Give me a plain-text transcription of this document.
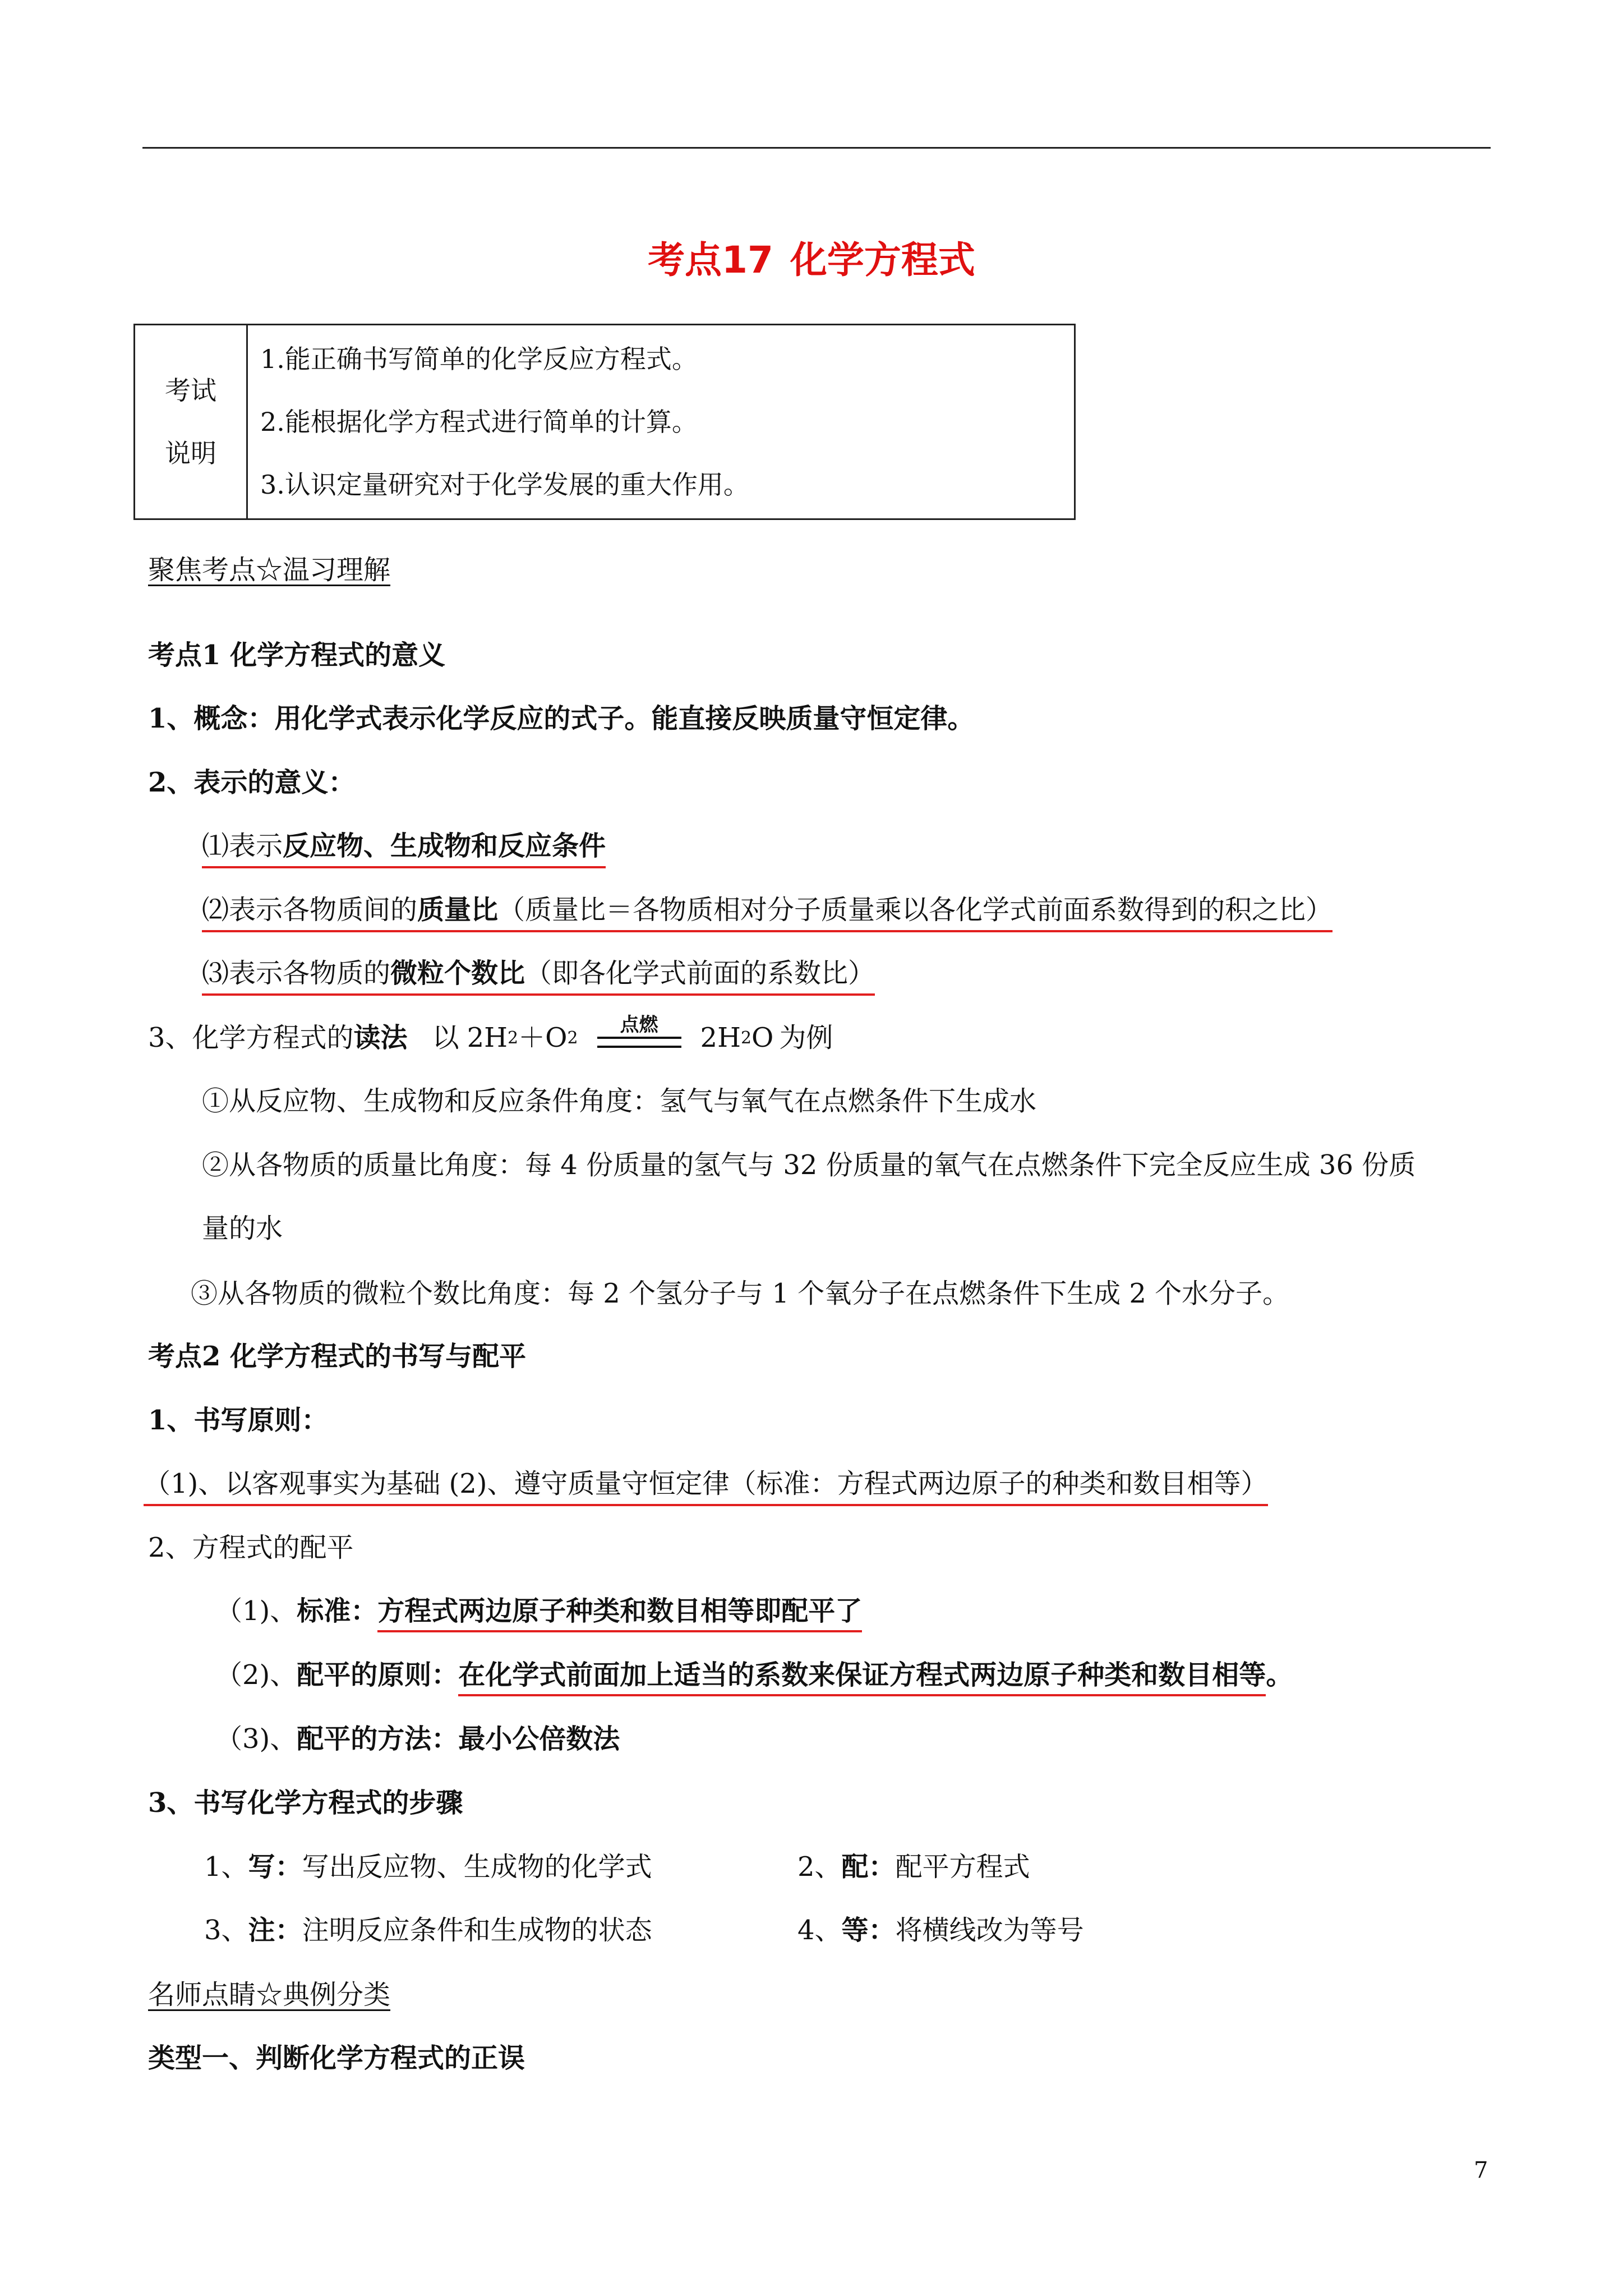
考点17 化学方程式
考试
说明

1.能正确书写简单的化学反应方程式。
2.能根据化学方程式进行简单的计算。
3.认识定量研究对于化学发展的重大作用。
聚焦考点☆温习理解
考点1 化学方程式的意义
1、概念：用化学式表示化学反应的式子。能直接反映质量守恒定律。
2、表示的意义：
⑴表示反应物、生成物和反应条件
⑵表示各物质间的质量比（质量比＝各物质相对分子质量乘以各化学式前面系数得到的积之比）
⑶表示各物质的微粒个数比（即各化学式前面的系数比）
3、化学方程式的 读法 以 2H 2 ＋O 2
点燃 2H 2 O 为例
①从反应物、生成物和反应条件角度：氢气与氧气在点燃条件下生成水
②从各物质的质量比角度：每 4 份质量的氢气与 32 份质量的氧气在点燃条件下完全反应生成 36 份质
量的水
③从各物质的微粒个数比角度：每 2 个氢分子与 1 个氧分子在点燃条件下生成 2 个水分子。
考点2 化学方程式的书写与配平
1、书写原则：
（1)、以客观事实为基础 (2)、遵守质量守恒定律（标准：方程式两边原子的种类和数目相等）
2、方程式的配平
（1)、标准：方程式两边原子种类和数目相等即配平了
（2)、配平的原则：在化学式前面加上适当的系数来保证方程式两边原子种类和数目相等。
（3)、配平的方法：最小公倍数法
3、书写化学方程式的步骤
1、写：写出反应物、生成物的化学式	2、配：配平方程式
3、注：注明反应条件和生成物的状态	4、等：将横线改为等号
名师点睛☆典例分类
类型一、判断化学方程式的正误
7
